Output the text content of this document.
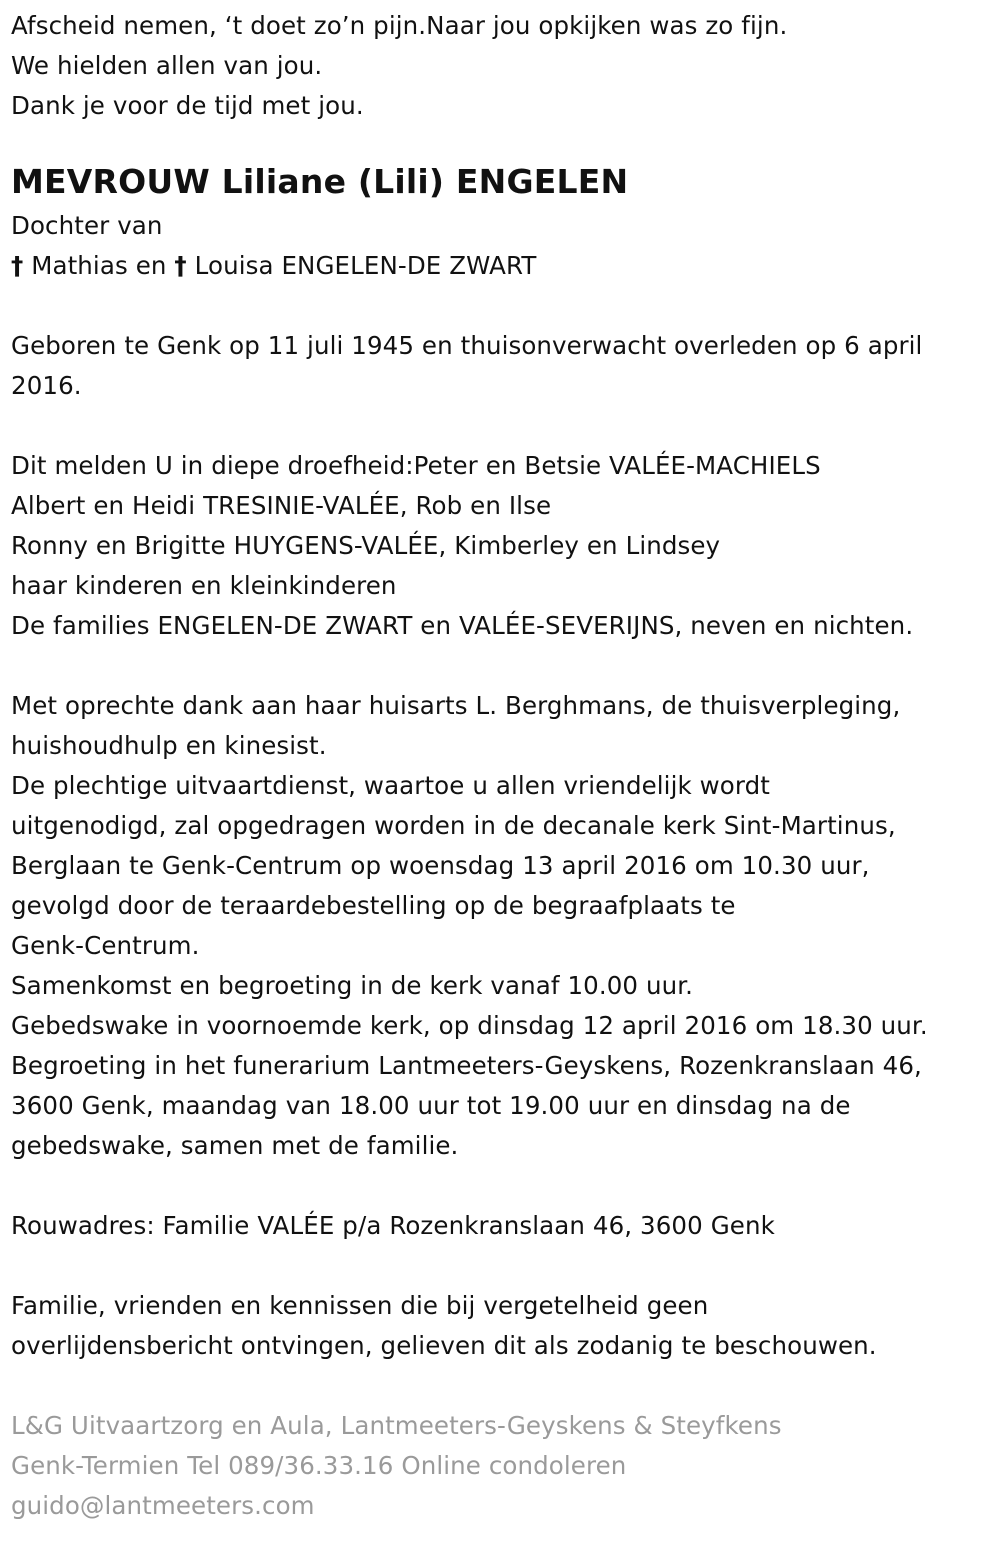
Afscheid nemen, ‘t doet zo’n pijn.Naar jou opkijken was zo fijn.
We hielden allen van jou.
Dank je voor de tijd met jou.
MEVROUW Liliane (Lili) ENGELEN
Dochter van
† Mathias en † Louisa ENGELEN-DE ZWART
Geboren te Genk op 11 juli 1945 en thuisonverwacht overleden op 6 april
2016.
Dit melden U in diepe droefheid:Peter en Betsie VALÉE-MACHIELS
Albert en Heidi TRESINIE-VALÉE, Rob en Ilse
Ronny en Brigitte HUYGENS-VALÉE, Kimberley en Lindsey
haar kinderen en kleinkinderen
De families ENGELEN-DE ZWART en VALÉE-SEVERIJNS, neven en nichten.
Met oprechte dank aan haar huisarts L. Berghmans, de thuisverpleging,
huishoudhulp en kinesist.
De plechtige uitvaartdienst, waartoe u allen vriendelijk wordt
uitgenodigd, zal opgedragen worden in de decanale kerk Sint-Martinus,
Berglaan te Genk-Centrum op woensdag 13 april 2016 om 10.30 uur,
gevolgd door de teraardebestelling op de begraafplaats te
Genk-Centrum.
Samenkomst en begroeting in de kerk vanaf 10.00 uur.
Gebedswake in voornoemde kerk, op dinsdag 12 april 2016 om 18.30 uur.
Begroeting in het funerarium Lantmeeters-Geyskens, Rozenkranslaan 46,
3600 Genk, maandag van 18.00 uur tot 19.00 uur en dinsdag na de
gebedswake, samen met de familie.
Rouwadres: Familie VALÉE p/a Rozenkranslaan 46, 3600 Genk
Familie, vrienden en kennissen die bij vergetelheid geen
overlijdensbericht ontvingen, gelieven dit als zodanig te beschouwen.
L&G Uitvaartzorg en Aula, Lantmeeters-Geyskens & Steyfkens
Genk-Termien Tel 089/36.33.16 Online condoleren
guido@lantmeeters.com
